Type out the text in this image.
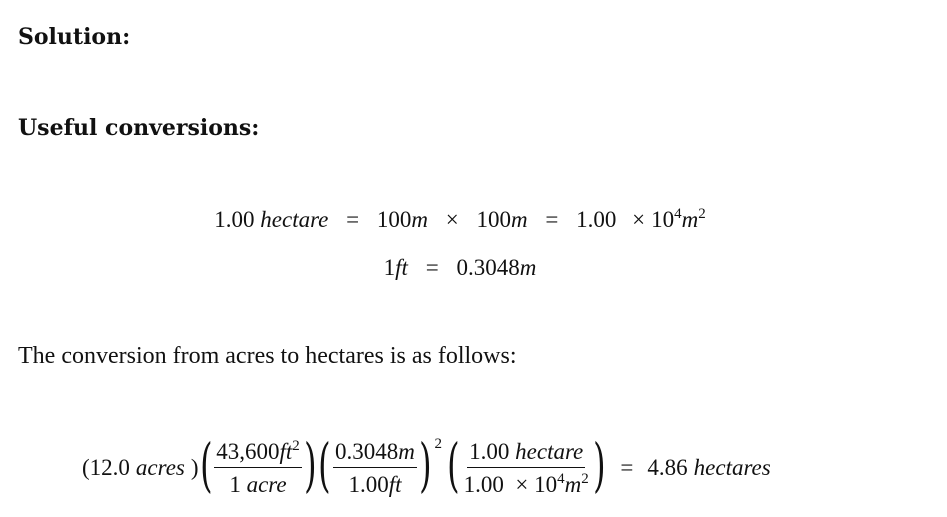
Solution:
Useful conversions:
1.00 hectare = $100m \times 100m = 1.00 \times 10^4m^2$
1ft = 0.3048m

The conversion from acres to hectares is as follows:

(12.0 acres ) ( $\frac{43,600ft^2}{\text{1 acre}}$ ) ( $\frac{0.3048m}{1.00ft}$ ) 2 ( $\frac{\text{1.00 hectare}}{1.00 \times 10^4m^2}$ ) = 4.86 hectares
